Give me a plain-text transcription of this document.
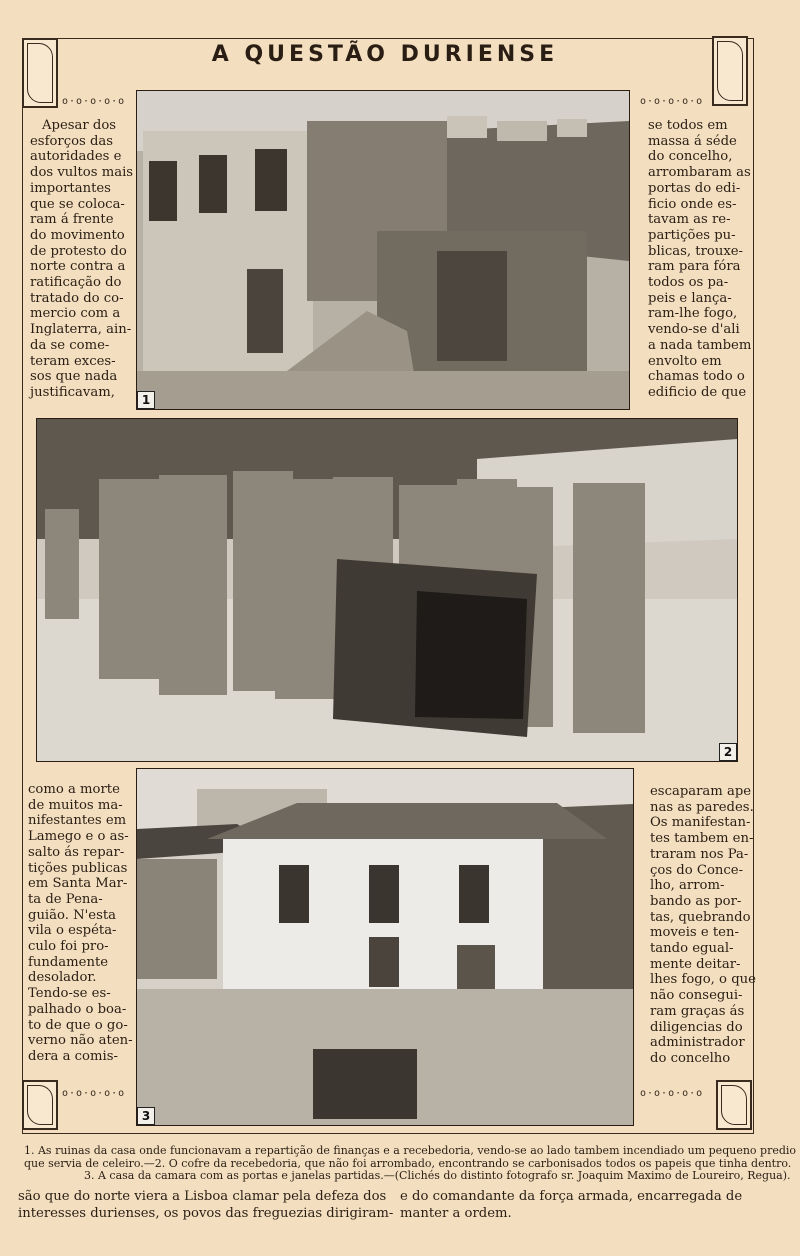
o·o·o·o·o	o·o·o·o·o
o·o·o·o·o	o·o·o·o·o
A QUESTÃO DURIENSE
Apesar dos
esforços das
autoridades e
dos vultos mais
importantes
que se coloca-
ram á frente
do movimento
de protesto do
norte contra a
ratificação do
tratado do co-
mercio com a
Inglaterra, ain-
da se come-
teram exces-
sos que nada
justificavam,
1
se todos em
massa á séde
do concelho,
arrombaram as
portas do edi-
ficio onde es-
tavam as re-
partições pu-
blicas, trouxe-
ram para fóra
todos os pa-
peis e lança-
ram-lhe fogo,
vendo-se d'ali
a nada tambem
envolto em
chamas todo o
edificio de que
2
como a morte
de muitos ma-
nifestantes em
Lamego e o as-
salto ás repar-
tições publicas
em Santa Mar-
ta de Pena-
guião. N'esta
vila o espéta-
culo foi pro-
fundamente
desolador.
Tendo-se es-
palhado o boa-
to de que o go-
verno não aten-
dera a comis-
3
escaparam ape
nas as paredes.
Os manifestan-
tes tambem en-
traram nos Pa-
ços do Conce-
lho, arrom-
bando as por-
tas, quebrando
moveis e ten-
tando egual-
mente deitar-
lhes fogo, o que
não consegui-
ram graças ás
diligencias do
administrador
do concelho
1. As ruinas da casa onde funcionavam a repartição de finanças e a recebedoria, vendo-se ao lado tambem incendiado um pequeno predio
que servia de celeiro.—2. O cofre da recebedoria, que não foi arrombado, encontrando se carbonisados todos os papeis que tinha dentro.
3. A casa da camara com as portas e janelas partidas.—(Clichés do distinto fotografo sr. Joaquim Maximo de Loureiro, Regua).
são que do norte viera a Lisboa clamar pela defeza dos
interesses durienses, os povos das freguezias dirigiram-
e do comandante da força armada, encarregada de
manter a ordem.
